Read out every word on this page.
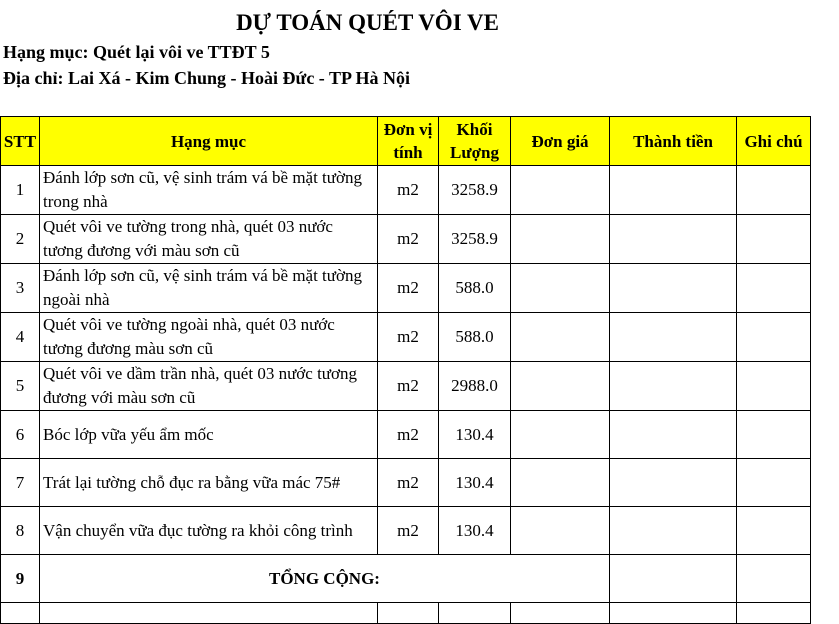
DỰ TOÁN QUÉT VÔI VE
Hạng mục: Quét lại vôi ve TTĐT 5
Địa chỉ: Lai Xá - Kim Chung - Hoài Đức - TP Hà Nội
STT	Hạng mục	Đơn vị tính	Khối Lượng	Đơn giá	Thành tiền	Ghi chú
1	Đánh lớp sơn cũ, vệ sinh trám vá bề mặt tường trong nhà	m2	3258.9			
2	Quét vôi ve tường trong nhà, quét 03 nước tương đương với màu sơn cũ	m2	3258.9			
3	Đánh lớp sơn cũ, vệ sinh trám vá bề mặt tường ngoài nhà	m2	588.0			
4	Quét vôi ve tường ngoài nhà, quét 03 nước tương đương màu sơn cũ	m2	588.0			
5	Quét vôi ve dầm trần nhà, quét 03 nước tương đương với màu sơn cũ	m2	2988.0			
6	Bóc lớp vữa yếu ẩm mốc	m2	130.4			
7	Trát lại tường chỗ đục ra bằng vữa mác 75#	m2	130.4			
8	Vận chuyển vữa đục tường ra khỏi công trình	m2	130.4			
9	TỔNG CỘNG:					
